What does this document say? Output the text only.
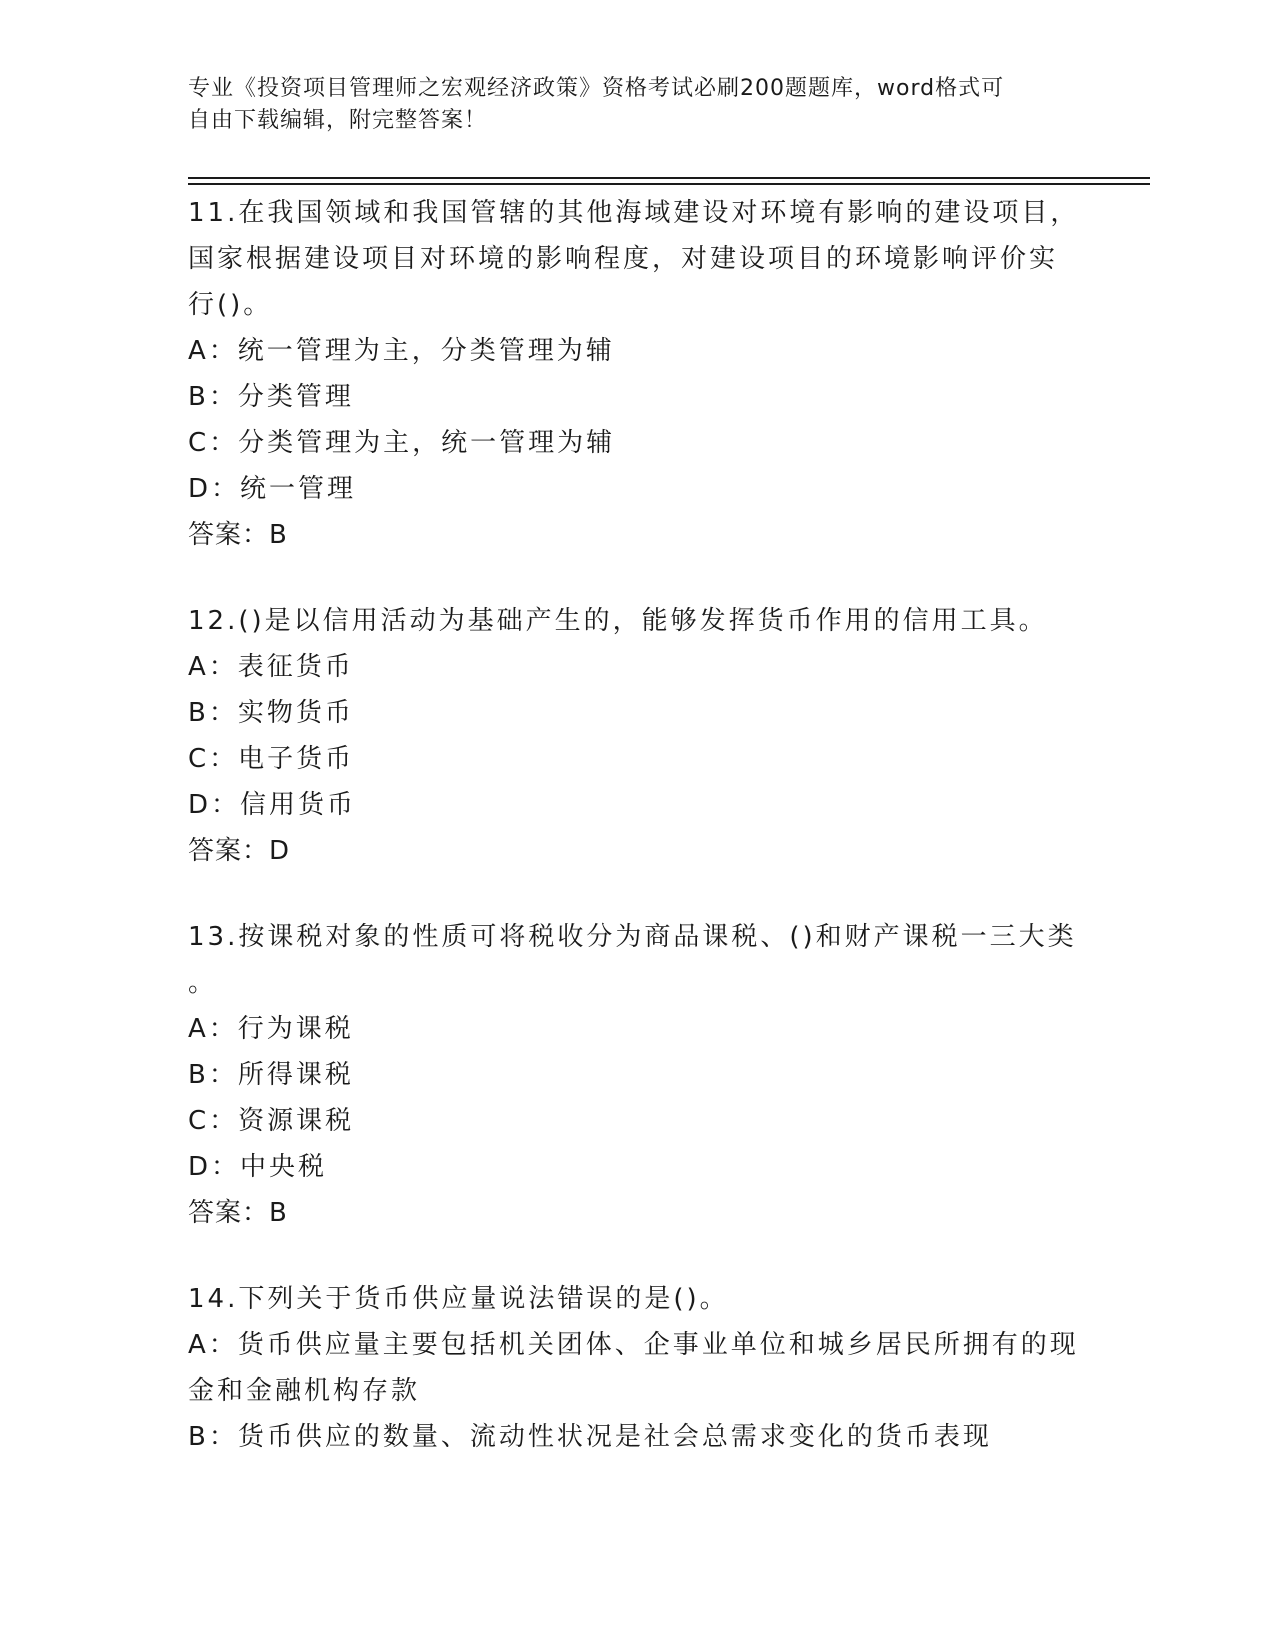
专业《投资项目管理师之宏观经济政策》资格考试必刷200题题库，word格式可
自由下载编辑，附完整答案！
11.在我国领域和我国管辖的其他海域建设对环境有影响的建设项目，
国家根据建设项目对环境的影响程度，对建设项目的环境影响评价实
行()。
A：统一管理为主，分类管理为辅
B：分类管理
C：分类管理为主，统一管理为辅
D：统一管理
答案：B
12.()是以信用活动为基础产生的，能够发挥货币作用的信用工具。
A：表征货币
B：实物货币
C：电子货币
D：信用货币
答案：D
13.按课税对象的性质可将税收分为商品课税、()和财产课税一三大类
。
A：行为课税
B：所得课税
C：资源课税
D：中央税
答案：B
14.下列关于货币供应量说法错误的是()。
A：货币供应量主要包括机关团体、企事业单位和城乡居民所拥有的现
金和金融机构存款
B：货币供应的数量、流动性状况是社会总需求变化的货币表现
